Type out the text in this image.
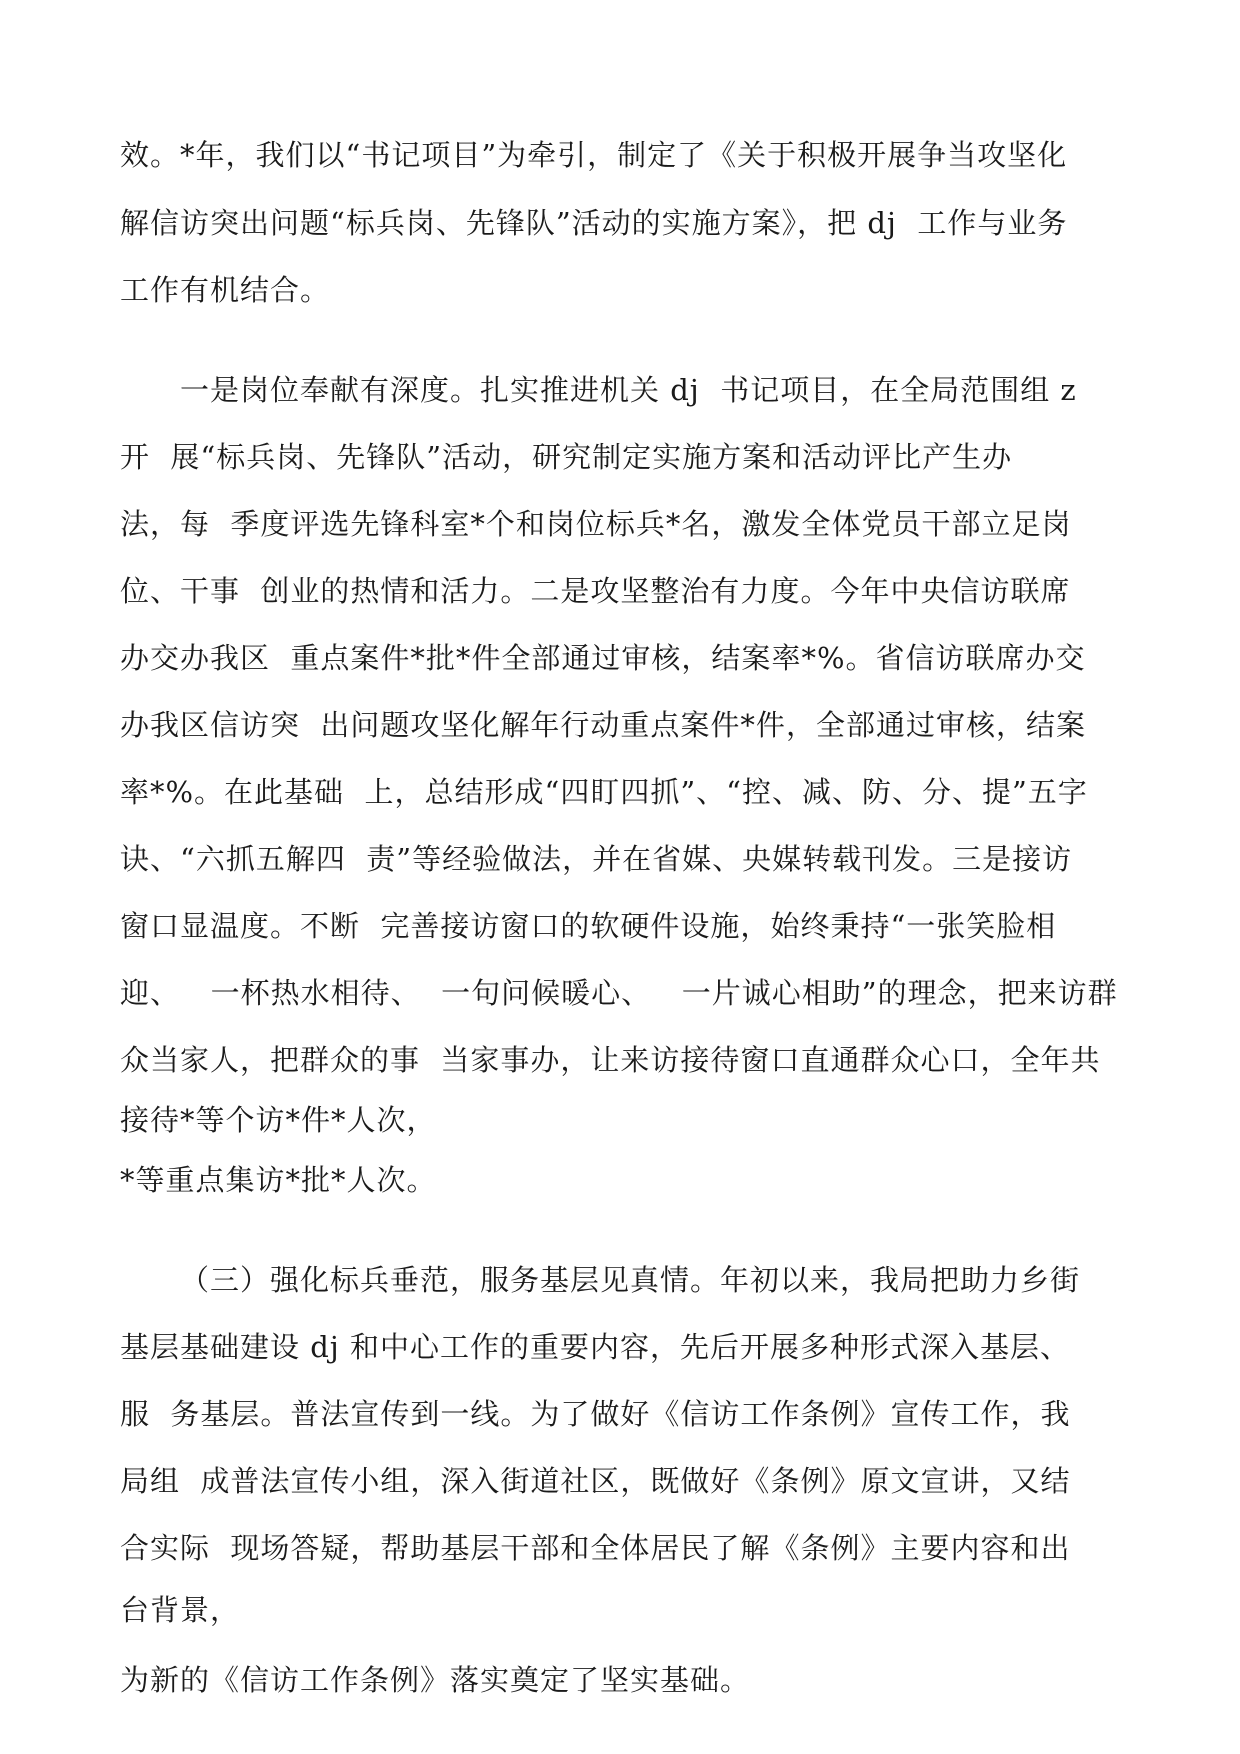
效。*年，我们以“书记项目”为牵引，制定了《关于积极开展争当攻坚化
解信访突出问题“标兵岗、先锋队”活动的实施方案》，把 dj  工作与业务
工作有机结合。
一是岗位奉献有深度。扎实推进机关 dj  书记项目，在全局范围组 z
开  展“标兵岗、先锋队”活动，研究制定实施方案和活动评比产生办
法，每  季度评选先锋科室*个和岗位标兵*名，激发全体党员干部立足岗
位、干事  创业的热情和活力。二是攻坚整治有力度。今年中央信访联席
办交办我区  重点案件*批*件全部通过审核，结案率*%。省信访联席办交
办我区信访突  出问题攻坚化解年行动重点案件*件，全部通过审核，结案
率*%。在此基础  上，总结形成“四盯四抓”、“控、减、防、分、提”五字
诀、“六抓五解四  责”等经验做法，并在省媒、央媒转载刊发。三是接访
窗口显温度。不断  完善接访窗口的软硬件设施，始终秉持“一张笑脸相
迎、   一杯热水相待、  一句问候暖心、   一片诚心相助”的理念，把来访群
众当家人，把群众的事  当家事办，让来访接待窗口直通群众心口，全年共
接待*等个访*件*人次，
*等重点集访*批*人次。
（三）强化标兵垂范，服务基层见真情。年初以来，我局把助力乡街
基层基础建设 dj 和中心工作的重要内容，先后开展多种形式深入基层、
服  务基层。普法宣传到一线。为了做好《信访工作条例》宣传工作，我
局组  成普法宣传小组，深入街道社区，既做好《条例》原文宣讲，又结
合实际  现场答疑，帮助基层干部和全体居民了解《条例》主要内容和出
台背景，
为新的《信访工作条例》落实奠定了坚实基础。
